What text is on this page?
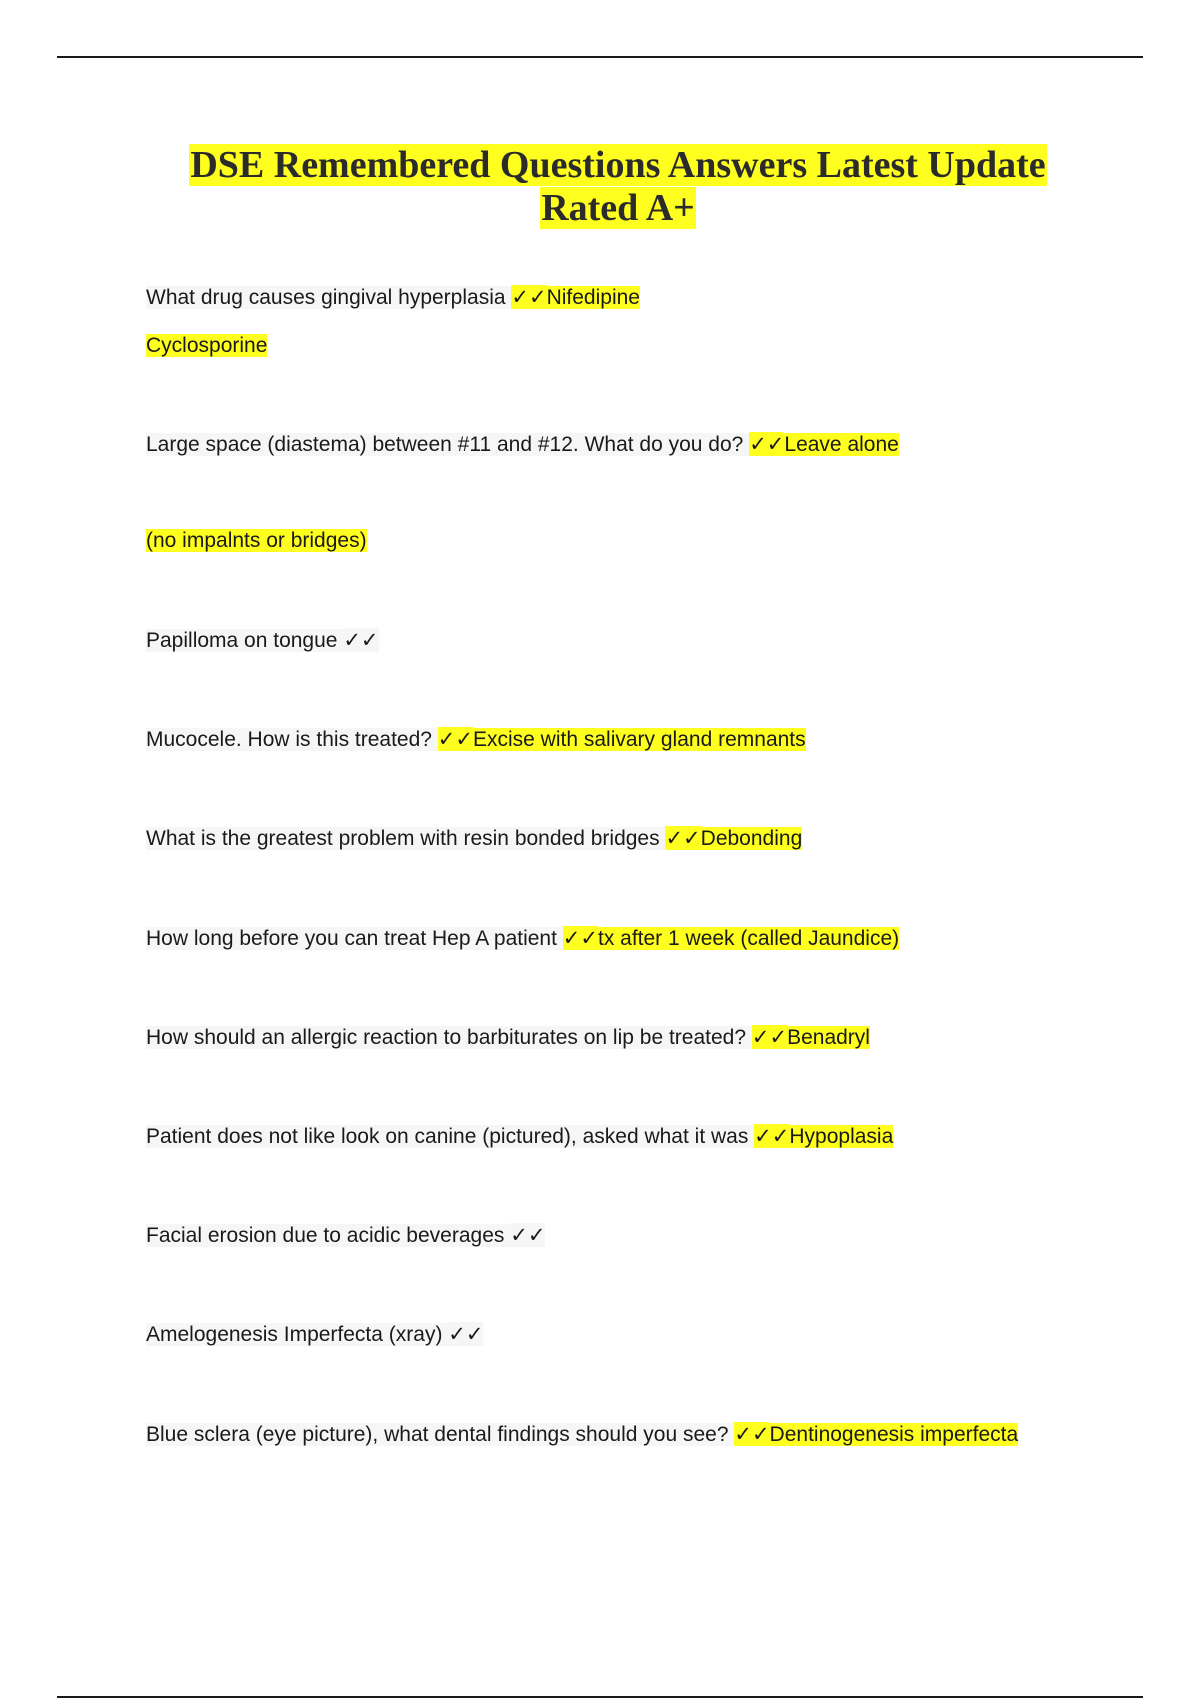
DSE Remembered Questions Answers Latest Update
Rated A+
What drug causes gingival hyperplasia ✓✓Nifedipine
Cyclosporine
Large space (diastema) between #11 and #12. What do you do? ✓✓Leave alone
(no impalnts or bridges)
Papilloma on tongue ✓✓
Mucocele. How is this treated? ✓✓Excise with salivary gland remnants
What is the greatest problem with resin bonded bridges ✓✓Debonding
How long before you can treat Hep A patient ✓✓tx after 1 week (called Jaundice)
How should an allergic reaction to barbiturates on lip be treated? ✓✓Benadryl
Patient does not like look on canine (pictured), asked what it was ✓✓Hypoplasia
Facial erosion due to acidic beverages ✓✓
Amelogenesis Imperfecta (xray) ✓✓
Blue sclera (eye picture), what dental findings should you see? ✓✓Dentinogenesis imperfecta
